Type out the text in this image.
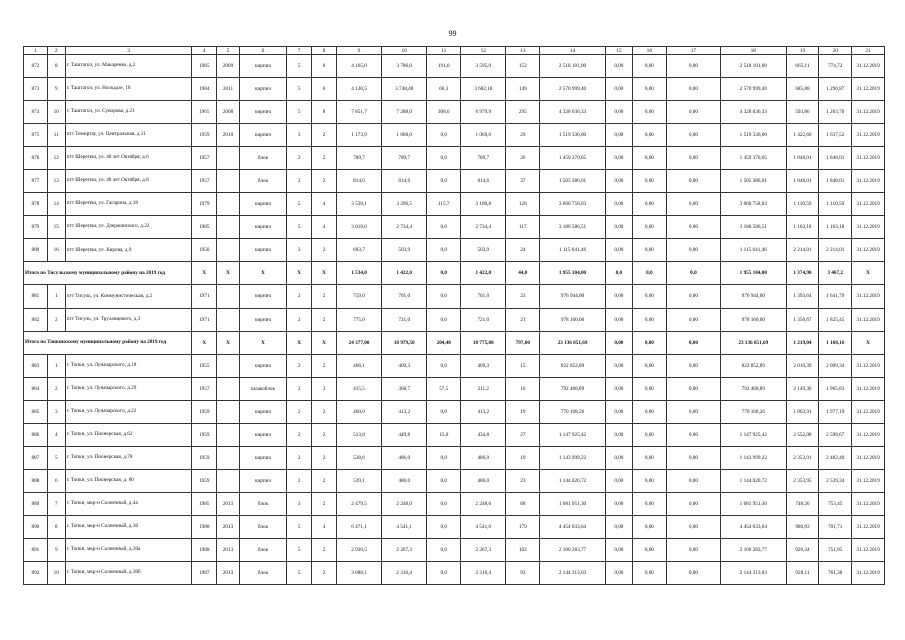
99
1	2	3	4	5	6	7	8	9	10	11	12	13	14	15	16	17	18	19	20	21
872	8	г. Таштагол, ул. Макаренко, д.2	1985	2009	кирпич	5	6	4 165,0	3 786,0	191,0	3 595,0	152	2 518 101,00	0,00	0,00	0,00	2 518 101,00	665,11	774,72	31.12.2019
873	9	г. Таштагол, ул. Носкадзе, 18	1984	2011	кирпич	5	6	4 130,5	3 748,48	66,3	3 682,18	149	2 570 999,40	0,00	0,00	0,00	2 570 999,40	685,88	1 290,87	31.12.2019
874	10	г. Таштагол, ул. Суворова, д.21	1965	2008	кирпич	5	8	7 851,7	7 288,0	308,0	6 979,9	295	4 328 036,33	0,00	0,00	0,00	4 328 036,33	593,86	1 263,70	31.12.2019
875	11	пгт Темиртау, ул. Центральная, д.11	1959	2010	кирпич	3	2	1 173,9	1 068,0	0,0	1 069,0	29	1 519 336,00	0,00	0,00	0,00	1 519 336,00	1 422,60	1 637,52	31.12.2019
876	12	пгт Шерегеш, ул. 40 лет Октября, д.6	1957		блок	2	2	789,7	789,7	0,0	789,7	26	1 459 370,65	0,00	0,00	0,00	1 459 370,65	1 848,01	1 848,01	31.12.2019
877	13	пгт Шерегеш, ул. 40 лет Октября, д.8	1957		блок	2	2	814,6	814,6	0,0	814,6	37	1 505 386,01	0,00	0,00	0,00	1 505 386,01	1 848,01	1 848,01	31.12.2019
878	14	пгт Шерегеш, ул. Гагарина, д.18	1979		кирпич	5	4	3 538,1	3 296,5	115,7	3 180,8	128	3 660 758,03	0,00	0,00	0,00	3 660 758,03	1 110,50	1 110,50	31.12.2019
879	15	пгт Шерегеш, ул. Дзержинского, д.22	1985		кирпич	5	4	3 018,0	2 734,4	0,0	2 734,4	117	3 180 586,51	0,00	0,00	0,00	3 180 586,51	1 163,18	1 163,18	31.12.2019
880	16	пгт Шерегеш, ул. Кирова, д.9	1950		кирпич	3	2	603,7	503,9	0,0	503,9	24	1 115 641,46	0,00	0,00	0,00	1 115 641,46	2 214,01	2 214,01	31.12.2019
Итого по Тисульскому муниципальному району на 2019 год			X	X	X	X	X	1 534,0	1 422,0	0,0	1 422,0	44,0	1 955 104,00	0,0	0,0	0,0	1 955 104,00	1 374,90	3 467,2	X
881	1	пгт Тисуль, ул. Коммунистическая, д.2	1971		кирпич	2	2	759,0	701,0	0,0	701,0	23	976 944,00	0,00	0,00	0,00	976 944,00	1 393,64	1 641,79	31.12.2019
882	2	пгт Тисуль, ул. Труханцевого, д.3	1971		кирпич	2	2	775,0	721,0	0,0	721,0	21	978 160,00	0,00	0,00	0,00	978 160,00	1 356,67	1 825,45	31.12.2019
Итого по Топкинскому муниципальному району на 2019 год			X	X	X	X	X	24 377,00	18 979,50	204,40	18 775,00	797,00	23 136 851,69	0,00	0,00	0,00	23 136 851,69	1 219,04	1 168,16	X
883	1	г. Топки, ул. Луначарского, д.18	1955		кирпич	2	2	466,1	409,3	0,0	409,3	15	822 852,89	0,00	0,00	0,00	822 852,89	2 010,39	2 009,34	31.12.2019
884	2	г. Топки, ул. Луначарского, д.29	1957		шлакоблок	2	3	415,5	368,7	57,5	311,2	16	792 468,89	0,00	0,00	0,00	792 468,89	2 149,36	1 965,83	31.12.2019
885	3	г. Топки, ул. Луначарского, д.22	1959		кирпич	2	2	460,0	413,2	0,0	413,2	19	770 168,26	0,00	0,00	0,00	770 168,26	1 863,91	1 977,19	31.12.2019
886	4	г. Топки, ул. Пионерская, д.62	1959		кирпич	2	2	513,8	449,8	15,0	434,8	27	1 147 925,42	0,00	0,00	0,00	1 147 925,42	2 552,08	2 598,67	31.12.2019
887	5	г. Топки, ул. Пионерская, д.78	1959		кирпич	2	2	538,6	486,0	0,0	486,0	19	1 143 999,22	0,00	0,00	0,00	1 143 999,22	2 353,91	2 482,40	31.12.2019
888	6	г. Топки, ул. Пионерская, д. 80	1959		кирпич	2	2	539,1	486,0	0,0	486,0	23	1 144 020,72	0,00	0,00	0,00	1 144 020,72	2 353,95	2 539,34	31.12.2019
889	7	г. Топки, мкр-н Солнечный, д.4а	1985	2013	блок	3	2	2 479,5	2 248,0	0,0	2 248,0	88	1 681 951,30	0,00	0,00	0,00	1 681 951,30	748,20	753,45	31.12.2019
890	8	г. Топки, мкр-н Солнечный, д.30	1988	2013	блок	5	4	6 471,1	4 541,1	0,0	4 541,0	179	4 454 033,64	0,00	0,00	0,00	4 454 033,64	980,83	701,71	31.12.2019
891	9	г. Топки, мкр-н Солнечный, д.30а	1988	2013	блок	5	2	2 930,5	2 267,3	0,0	2 267,3	102	2 100 283,77	0,00	0,00	0,00	2 100 283,77	926,34	751,85	31.12.2019
892	10	г. Топки, мкр-н Солнечный, д.30б	1987	2013	блок	5	2	3 088,1	2 310,4	0,0	2 310,4	93	2 144 313,03	0,00	0,00	0,00	2 144 313,03	928,11	761,38	31.12.2019
